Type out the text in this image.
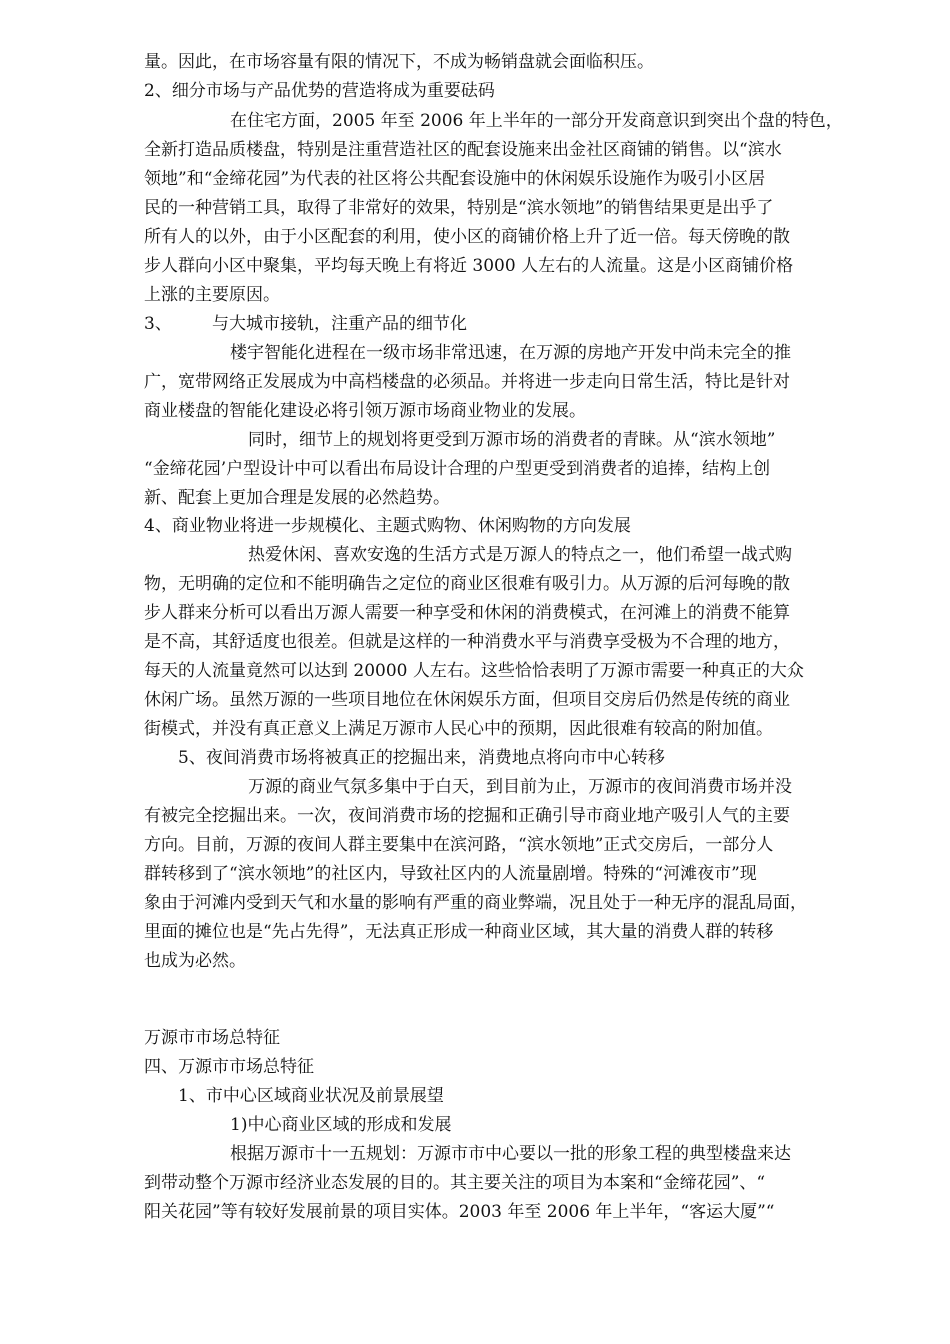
量。因此，在市场容量有限的情况下，不成为畅销盘就会面临积压。
2、细分市场与产品优势的营造将成为重要砝码
在住宅方面，2005 年至 2006 年上半年的一部分开发商意识到突出个盘的特色，
全新打造品质楼盘，特别是注重营造社区的配套设施来出金社区商铺的销售。以“滨水
领地”和“金缔花园”为代表的社区将公共配套设施中的休闲娱乐设施作为吸引小区居
民的一种营销工具，取得了非常好的效果，特别是“滨水领地”的销售结果更是出乎了
所有人的以外，由于小区配套的利用，使小区的商铺价格上升了近一倍。每天傍晚的散
步人群向小区中聚集，平均每天晚上有将近 3000 人左右的人流量。这是小区商铺价格
上涨的主要原因。
3、 与大城市接轨，注重产品的细节化
楼宇智能化进程在一级市场非常迅速，在万源的房地产开发中尚未完全的推
广，宽带网络正发展成为中高档楼盘的必须品。并将进一步走向日常生活，特比是针对
商业楼盘的智能化建设必将引领万源市场商业物业的发展。
同时，细节上的规划将更受到万源市场的消费者的青睐。从“滨水领地”
“金缔花园’户型设计中可以看出布局设计合理的户型更受到消费者的追捧，结构上创
新、配套上更加合理是发展的必然趋势。
4、商业物业将进一步规模化、主题式购物、休闲购物的方向发展
热爱休闲、喜欢安逸的生活方式是万源人的特点之一，他们希望一战式购
物，无明确的定位和不能明确告之定位的商业区很难有吸引力。从万源的后河每晚的散
步人群来分析可以看出万源人需要一种享受和休闲的消费模式，在河滩上的消费不能算
是不高，其舒适度也很差。但就是这样的一种消费水平与消费享受极为不合理的地方，
每天的人流量竟然可以达到 20000 人左右。这些恰恰表明了万源市需要一种真正的大众
休闲广场。虽然万源的一些项目地位在休闲娱乐方面，但项目交房后仍然是传统的商业
街模式，并没有真正意义上满足万源市人民心中的预期，因此很难有较高的附加值。
5、夜间消费市场将被真正的挖掘出来，消费地点将向市中心转移
万源的商业气氛多集中于白天，到目前为止，万源市的夜间消费市场并没
有被完全挖掘出来。一次，夜间消费市场的挖掘和正确引导市商业地产吸引人气的主要
方向。目前，万源的夜间人群主要集中在滨河路，“滨水领地”正式交房后，一部分人
群转移到了“滨水领地”的社区内，导致社区内的人流量剧增。特殊的“河滩夜市”现
象由于河滩内受到天气和水量的影响有严重的商业弊端，况且处于一种无序的混乱局面，
里面的摊位也是“先占先得”，无法真正形成一种商业区域，其大量的消费人群的转移
也成为必然。
万源市市场总特征
四、万源市市场总特征
1、市中心区域商业状况及前景展望
1)中心商业区域的形成和发展
根据万源市十一五规划：万源市市中心要以一批的形象工程的典型楼盘来达
到带动整个万源市经济业态发展的目的。其主要关注的项目为本案和“金缔花园”、“
阳关花园”等有较好发展前景的项目实体。2003 年至 2006 年上半年，“客运大厦”“
